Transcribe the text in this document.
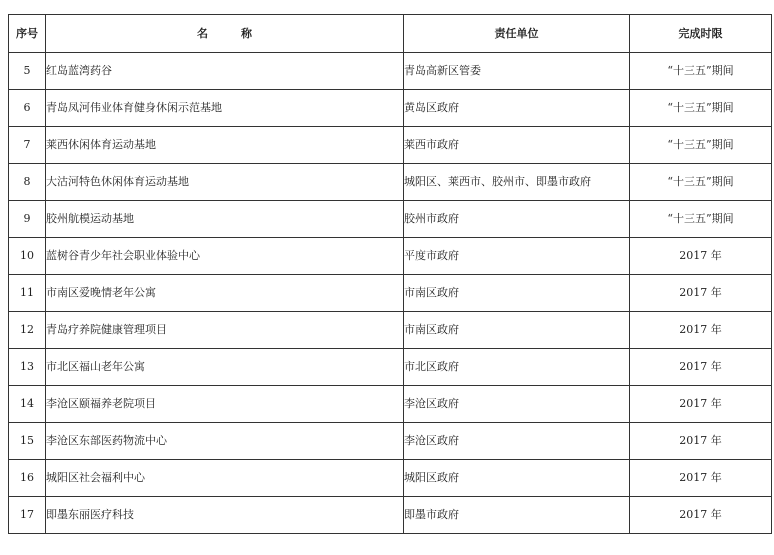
序号	名　　　称	责任单位	完成时限
5	红岛蓝湾药谷	青岛高新区管委	“十三五”期间
6	青岛凤河伟业体育健身休闲示范基地	黄岛区政府	“十三五”期间
7	莱西休闲体育运动基地	莱西市政府	“十三五”期间
8	大沽河特色休闲体育运动基地	城阳区、莱西市、胶州市、即墨市政府	“十三五”期间
9	胶州航模运动基地	胶州市政府	“十三五”期间
10	蓝树谷青少年社会职业体验中心	平度市政府	2017 年
11	市南区爱晚情老年公寓	市南区政府	2017 年
12	青岛疗养院健康管理项目	市南区政府	2017 年
13	市北区福山老年公寓	市北区政府	2017 年
14	李沧区颐福养老院项目	李沧区政府	2017 年
15	李沧区东部医药物流中心	李沧区政府	2017 年
16	城阳区社会福利中心	城阳区政府	2017 年
17	即墨东丽医疗科技	即墨市政府	2017 年
